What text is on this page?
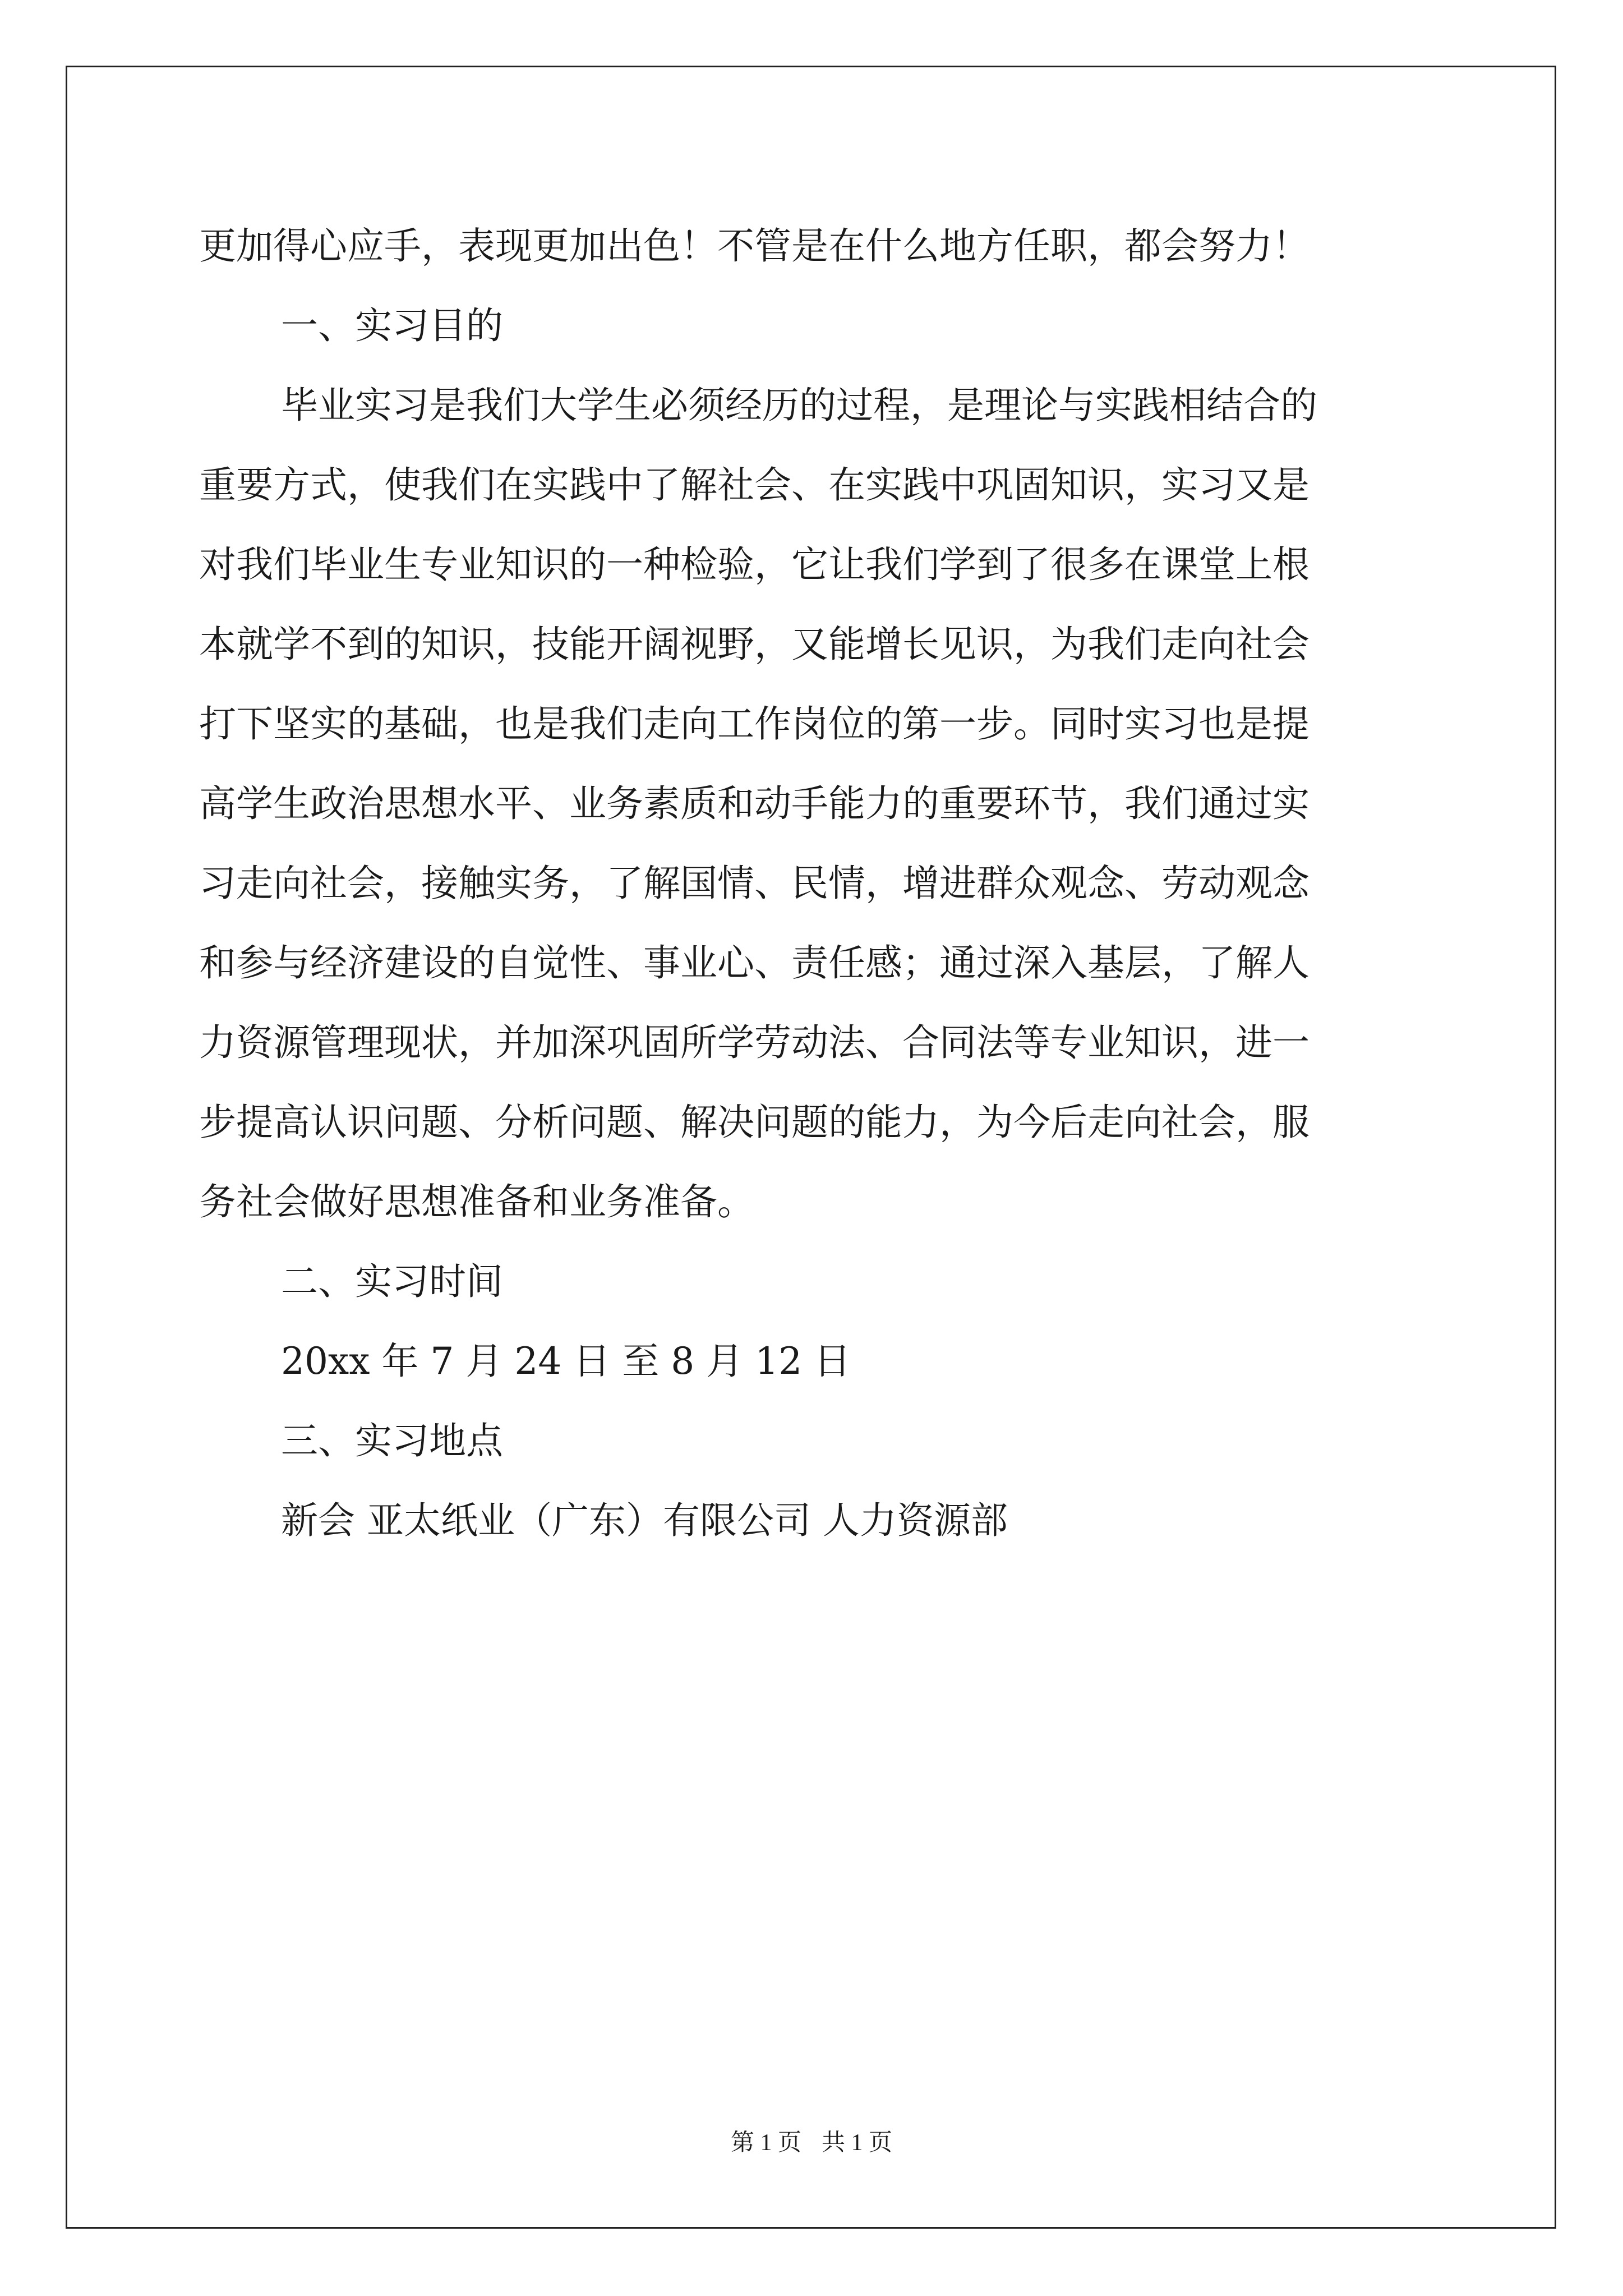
更加得心应手，表现更加出色！不管是在什么地方任职，都会努力！
一、实习目的
毕业实习是我们大学生必须经历的过程，是理论与实践相结合的
重要方式，使我们在实践中了解社会、在实践中巩固知识，实习又是
对我们毕业生专业知识的一种检验，它让我们学到了很多在课堂上根
本就学不到的知识，技能开阔视野，又能增长见识，为我们走向社会
打下坚实的基础，也是我们走向工作岗位的第一步。同时实习也是提
高学生政治思想水平、业务素质和动手能力的重要环节，我们通过实
习走向社会，接触实务，了解国情、民情，增进群众观念、劳动观念
和参与经济建设的自觉性、事业心、责任感；通过深入基层，了解人
力资源管理现状，并加深巩固所学劳动法、合同法等专业知识，进一
步提高认识问题、分析问题、解决问题的能力，为今后走向社会，服
务社会做好思想准备和业务准备。
二、实习时间
20xx 年 7 月 24 日 至 8 月 12 日
三、实习地点
新会 亚太纸业（广东）有限公司 人力资源部
第 1 页 共 1 页
